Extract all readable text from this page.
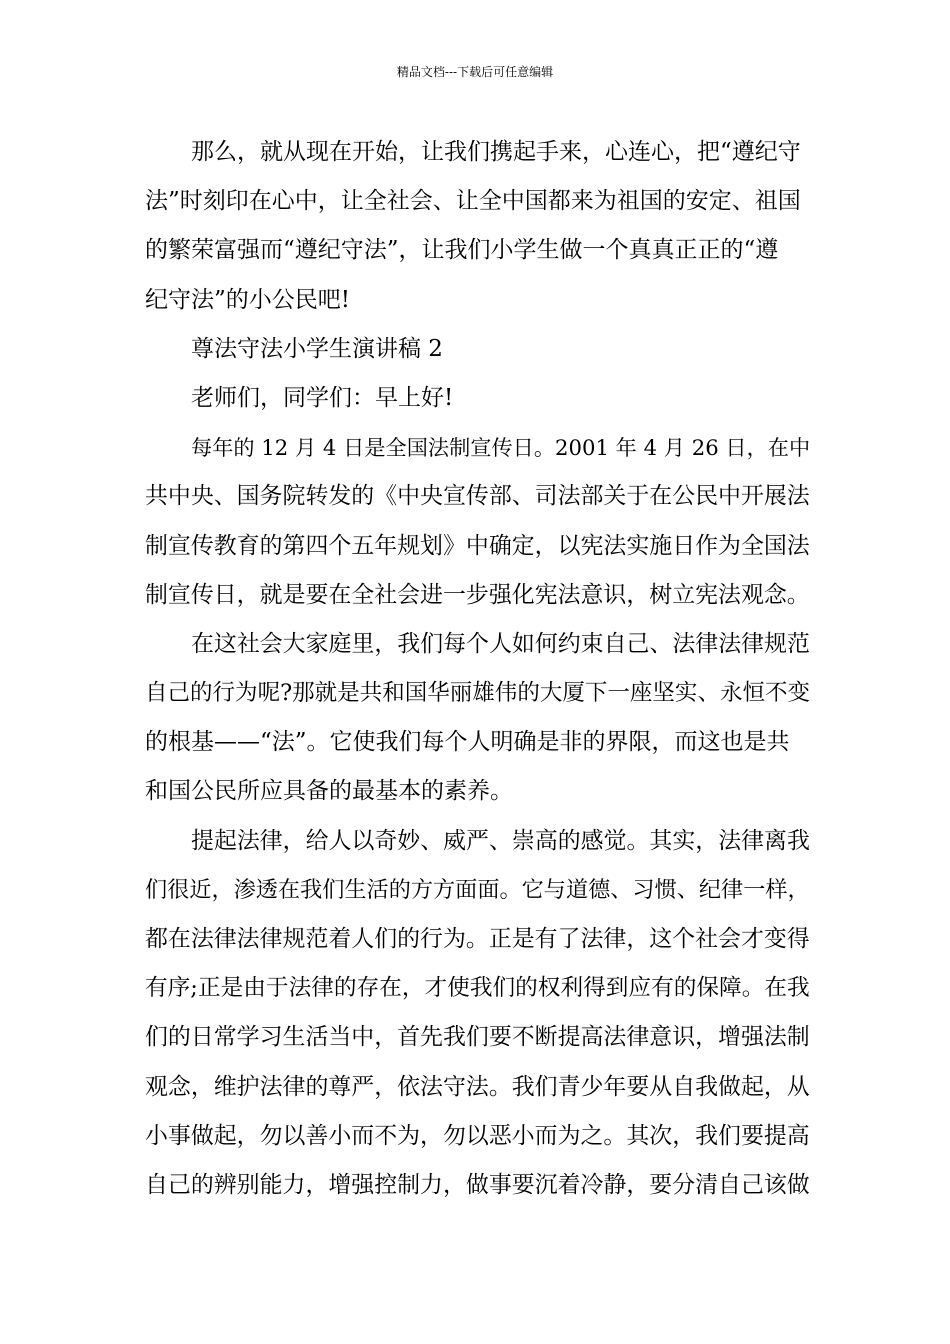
精品文档---下载后可任意编辑
那么，就从现在开始，让我们携起手来，心连心，把“遵纪守
法”时刻印在心中，让全社会、让全中国都来为祖国的安定、祖国
的繁荣富强而“遵纪守法”，让我们小学生做一个真真正正的“遵
纪守法”的小公民吧!
尊法守法小学生演讲稿 2
老师们，同学们：早上好!
每年的 12 月 4 日是全国法制宣传日。2001 年 4 月 26 日，在中
共中央、国务院转发的《中央宣传部、司法部关于在公民中开展法
制宣传教育的第四个五年规划》中确定，以宪法实施日作为全国法
制宣传日，就是要在全社会进一步强化宪法意识，树立宪法观念。
在这社会大家庭里，我们每个人如何约束自己、法律法律规范
自己的行为呢?那就是共和国华丽雄伟的大厦下一座坚实、永恒不变
的根基——“法”。它使我们每个人明确是非的界限，而这也是共
和国公民所应具备的最基本的素养。
提起法律，给人以奇妙、威严、崇高的感觉。其实，法律离我
们很近，渗透在我们生活的方方面面。它与道德、习惯、纪律一样，
都在法律法律规范着人们的行为。正是有了法律，这个社会才变得
有序;正是由于法律的存在，才使我们的权利得到应有的保障。在我
们的日常学习生活当中，首先我们要不断提高法律意识，增强法制
观念，维护法律的尊严，依法守法。我们青少年要从自我做起，从
小事做起，勿以善小而不为，勿以恶小而为之。其次，我们要提高
自己的辨别能力，增强控制力，做事要沉着冷静，要分清自己该做
